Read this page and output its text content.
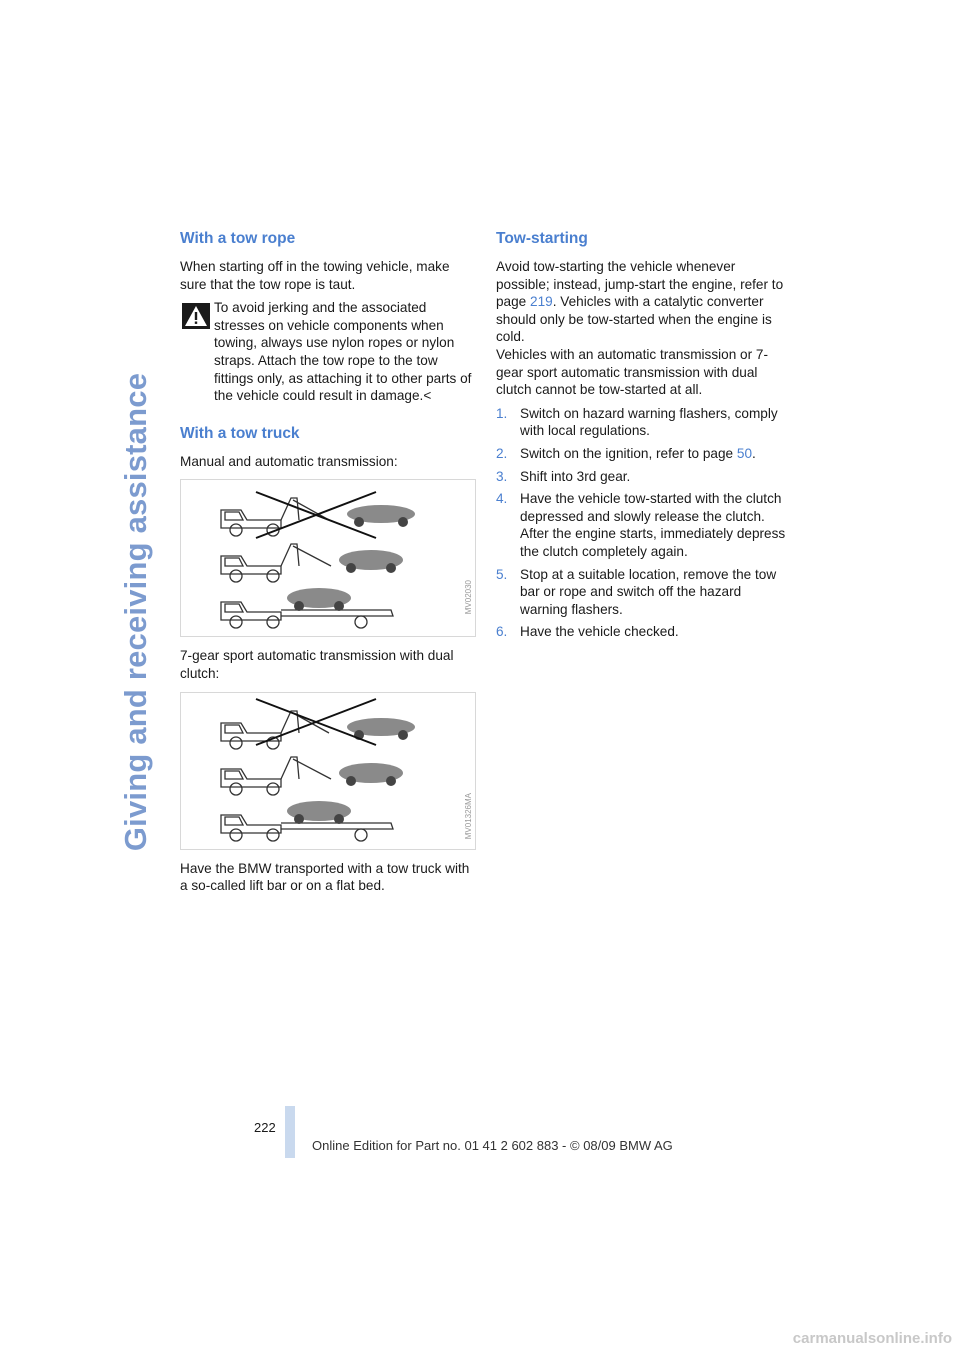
Giving and receiving assistance
With a tow rope

When starting off in the towing vehicle, make sure that the tow rope is taut.

To avoid jerking and the associated stresses on vehicle components when towing, always use nylon ropes or nylon straps. Attach the tow rope to the tow fittings only, as attaching it to other parts of the vehicle could result in damage.<

With a tow truck

Manual and automatic transmission:

MV02030

7-gear sport automatic transmission with dual clutch:

MV01326MA

Have the BMW transported with a tow truck with a so-called lift bar or on a flat bed.

Tow-starting

Avoid tow-starting the vehicle whenever possible; instead, jump-start the engine, refer to page 219. Vehicles with a catalytic converter should only be tow-started when the engine is cold.

Vehicles with an automatic transmission or 7-gear sport automatic transmission with dual clutch cannot be tow-started at all.

1. Switch on hazard warning flashers, comply with local regulations.
2. Switch on the ignition, refer to page 50.
3. Shift into 3rd gear.
4. Have the vehicle tow-started with the clutch depressed and slowly release the clutch. After the engine starts, immediately depress the clutch completely again.
5. Stop at a suitable location, remove the tow bar or rope and switch off the hazard warning flashers.
6. Have the vehicle checked.
222
Online Edition for Part no. 01 41 2 602 883 - © 08/09 BMW AG
carmanualsonline.info
